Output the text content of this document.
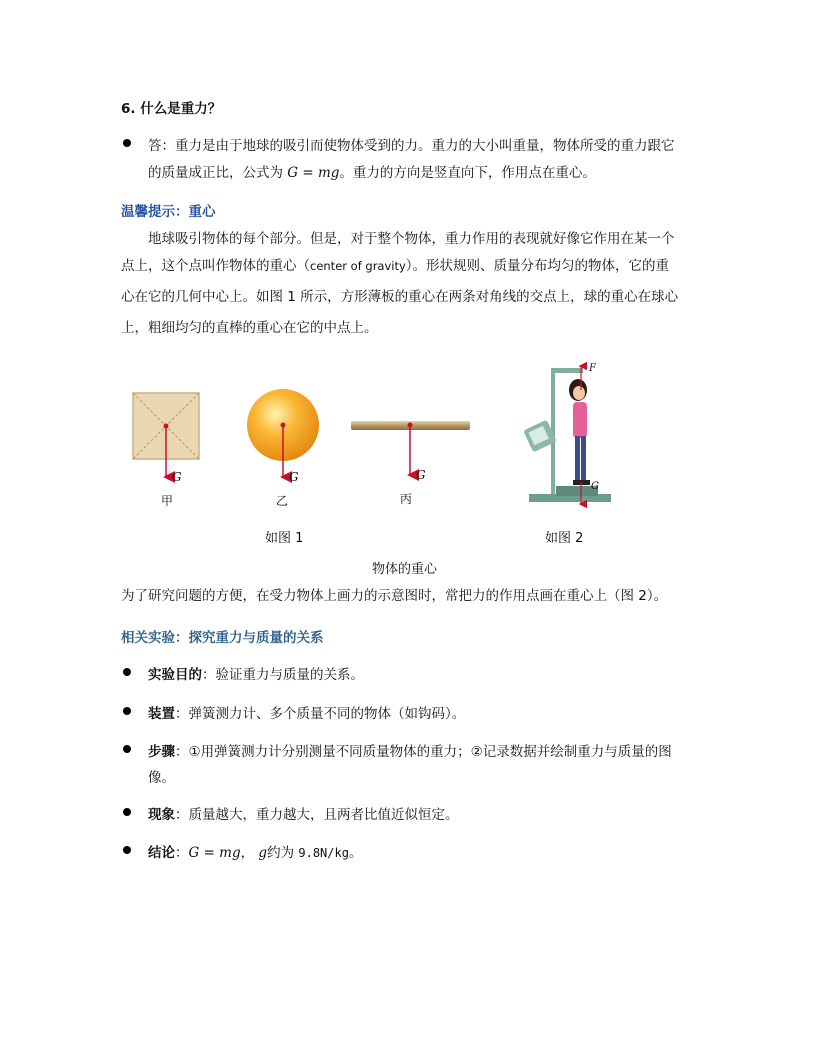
6. 什么是重力？
答：重力是由于地球的吸引而使物体受到的力。重力的大小叫重量，物体所受的重力跟它
的质量成正比，公式为 G = mg。重力的方向是竖直向下，作用点在重心。
温馨提示：重心
地球吸引物体的每个部分。但是，对于整个物体，重力作用的表现就好像它作用在某一个
点上，这个点叫作物体的重心（center of gravity）。形状规则、质量分布均匀的物体，它的重
心在它的几何中心上。如图 1 所示，方形薄板的重心在两条对角线的交点上，球的重心在球心
上，粗细均匀的直棒的重心在它的中点上。
G	G	G
甲	乙	丙
F
G
如图 1	如图 2
物体的重心
为了研究问题的方便，在受力物体上画力的示意图时，常把力的作用点画在重心上（图 2）。
相关实验：探究重力与质量的关系
实验目的：验证重力与质量的关系。
装置：弹簧测力计、多个质量不同的物体（如钩码）。
步骤：①用弹簧测力计分别测量不同质量物体的重力；②记录数据并绘制重力与质量的图
像。
现象：质量越大，重力越大，且两者比值近似恒定。
结论：G = mg， g约为 9.8N/kg。
